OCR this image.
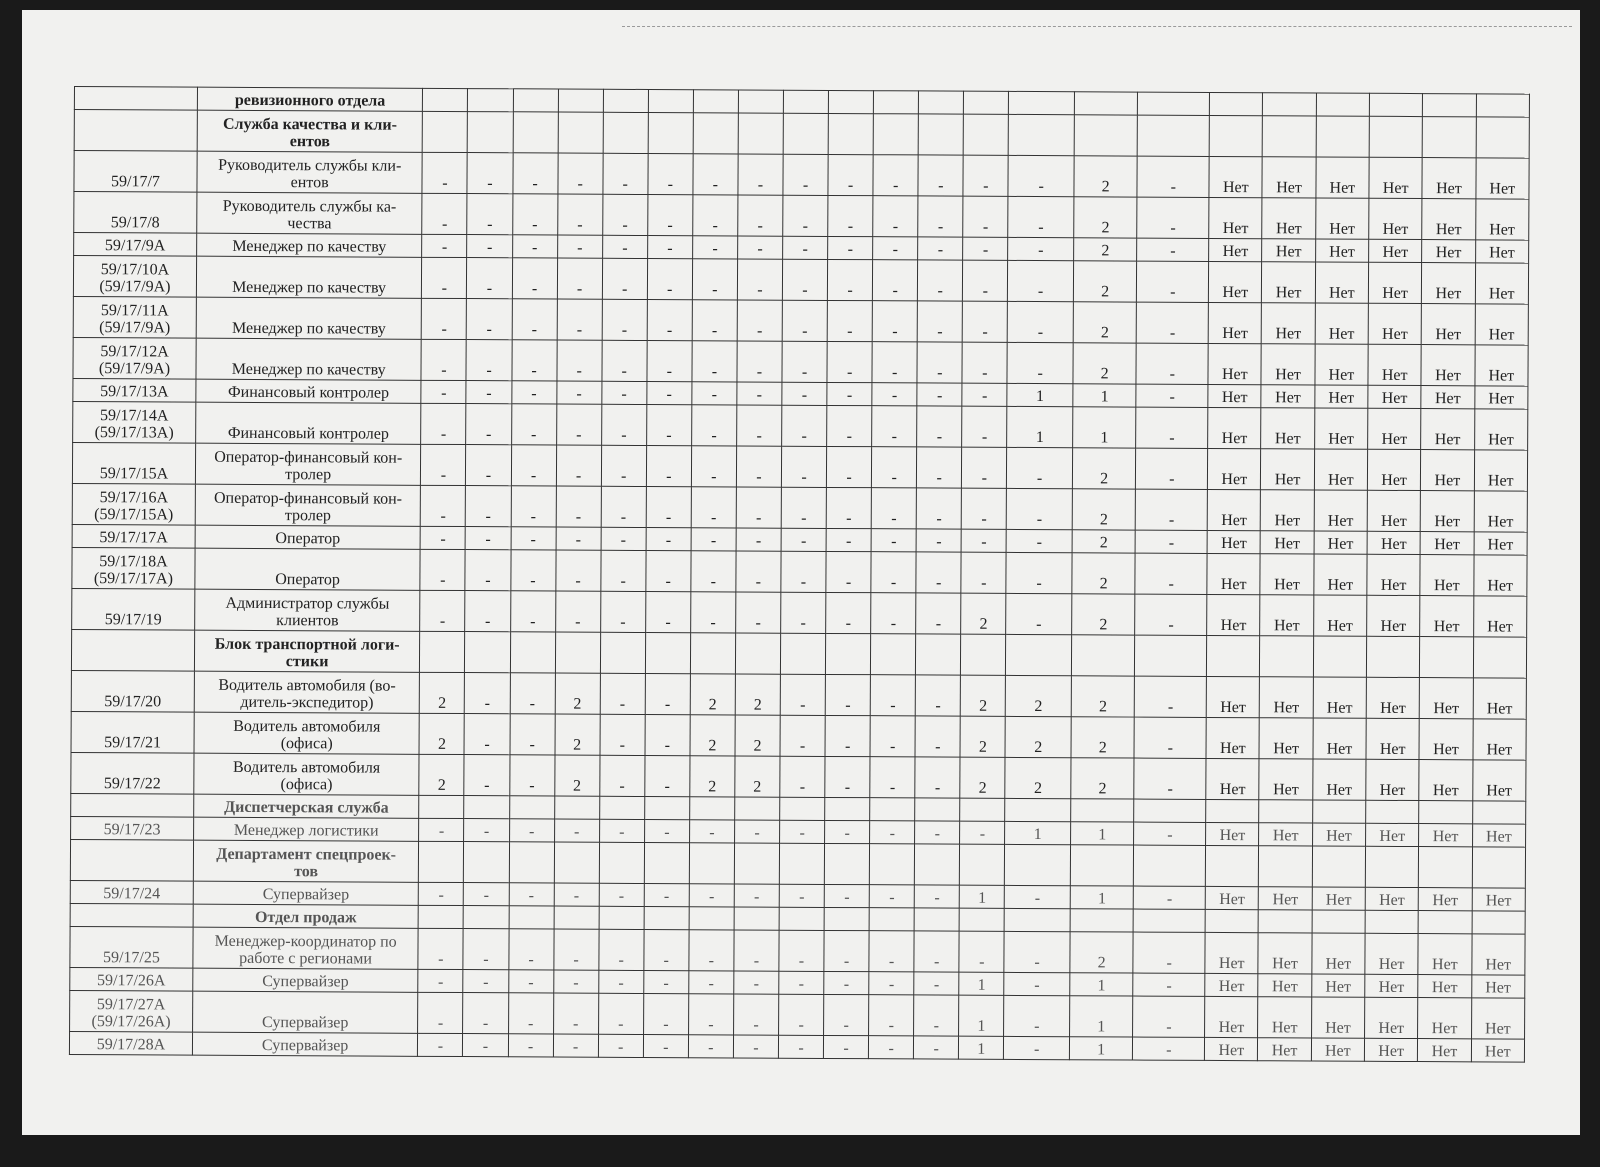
	ревизионного отдела																						
	Служба качества и кли-
ентов																						
59/17/7	Руководитель службы кли-
ентов	-	-	-	-	-	-	-	-	-	-	-	-	-	-	2	-	Нет	Нет	Нет	Нет	Нет	Нет
59/17/8	Руководитель службы ка-
чества	-	-	-	-	-	-	-	-	-	-	-	-	-	-	2	-	Нет	Нет	Нет	Нет	Нет	Нет
59/17/9А	Менеджер по качеству	-	-	-	-	-	-	-	-	-	-	-	-	-	-	2	-	Нет	Нет	Нет	Нет	Нет	Нет
59/17/10А
(59/17/9А)	Менеджер по качеству	-	-	-	-	-	-	-	-	-	-	-	-	-	-	2	-	Нет	Нет	Нет	Нет	Нет	Нет
59/17/11А
(59/17/9А)	Менеджер по качеству	-	-	-	-	-	-	-	-	-	-	-	-	-	-	2	-	Нет	Нет	Нет	Нет	Нет	Нет
59/17/12А
(59/17/9А)	Менеджер по качеству	-	-	-	-	-	-	-	-	-	-	-	-	-	-	2	-	Нет	Нет	Нет	Нет	Нет	Нет
59/17/13А	Финансовый контролер	-	-	-	-	-	-	-	-	-	-	-	-	-	1	1	-	Нет	Нет	Нет	Нет	Нет	Нет
59/17/14А
(59/17/13А)	Финансовый контролер	-	-	-	-	-	-	-	-	-	-	-	-	-	1	1	-	Нет	Нет	Нет	Нет	Нет	Нет
59/17/15А	Оператор-финансовый кон-
тролер	-	-	-	-	-	-	-	-	-	-	-	-	-	-	2	-	Нет	Нет	Нет	Нет	Нет	Нет
59/17/16А
(59/17/15А)	Оператор-финансовый кон-
тролер	-	-	-	-	-	-	-	-	-	-	-	-	-	-	2	-	Нет	Нет	Нет	Нет	Нет	Нет
59/17/17А	Оператор	-	-	-	-	-	-	-	-	-	-	-	-	-	-	2	-	Нет	Нет	Нет	Нет	Нет	Нет
59/17/18А
(59/17/17А)	Оператор	-	-	-	-	-	-	-	-	-	-	-	-	-	-	2	-	Нет	Нет	Нет	Нет	Нет	Нет
59/17/19	Администратор службы
клиентов	-	-	-	-	-	-	-	-	-	-	-	-	2	-	2	-	Нет	Нет	Нет	Нет	Нет	Нет
	Блок транспортной логи-
стики																						
59/17/20	Водитель автомобиля (во-
дитель-экспедитор)	2	-	-	2	-	-	2	2	-	-	-	-	2	2	2	-	Нет	Нет	Нет	Нет	Нет	Нет
59/17/21	Водитель автомобиля
(офиса)	2	-	-	2	-	-	2	2	-	-	-	-	2	2	2	-	Нет	Нет	Нет	Нет	Нет	Нет
59/17/22	Водитель автомобиля
(офиса)	2	-	-	2	-	-	2	2	-	-	-	-	2	2	2	-	Нет	Нет	Нет	Нет	Нет	Нет
	Диспетчерская служба																						
59/17/23	Менеджер логистики	-	-	-	-	-	-	-	-	-	-	-	-	-	1	1	-	Нет	Нет	Нет	Нет	Нет	Нет
	Департамент спецпроек-
тов																						
59/17/24	Супервайзер	-	-	-	-	-	-	-	-	-	-	-	-	1	-	1	-	Нет	Нет	Нет	Нет	Нет	Нет
	Отдел продаж																						
59/17/25	Менеджер-координатор по
работе с регионами	-	-	-	-	-	-	-	-	-	-	-	-	-	-	2	-	Нет	Нет	Нет	Нет	Нет	Нет
59/17/26А	Супервайзер	-	-	-	-	-	-	-	-	-	-	-	-	1	-	1	-	Нет	Нет	Нет	Нет	Нет	Нет
59/17/27А
(59/17/26А)	Супервайзер	-	-	-	-	-	-	-	-	-	-	-	-	1	-	1	-	Нет	Нет	Нет	Нет	Нет	Нет
59/17/28А	Супервайзер	-	-	-	-	-	-	-	-	-	-	-	-	1	-	1	-	Нет	Нет	Нет	Нет	Нет	Нет
